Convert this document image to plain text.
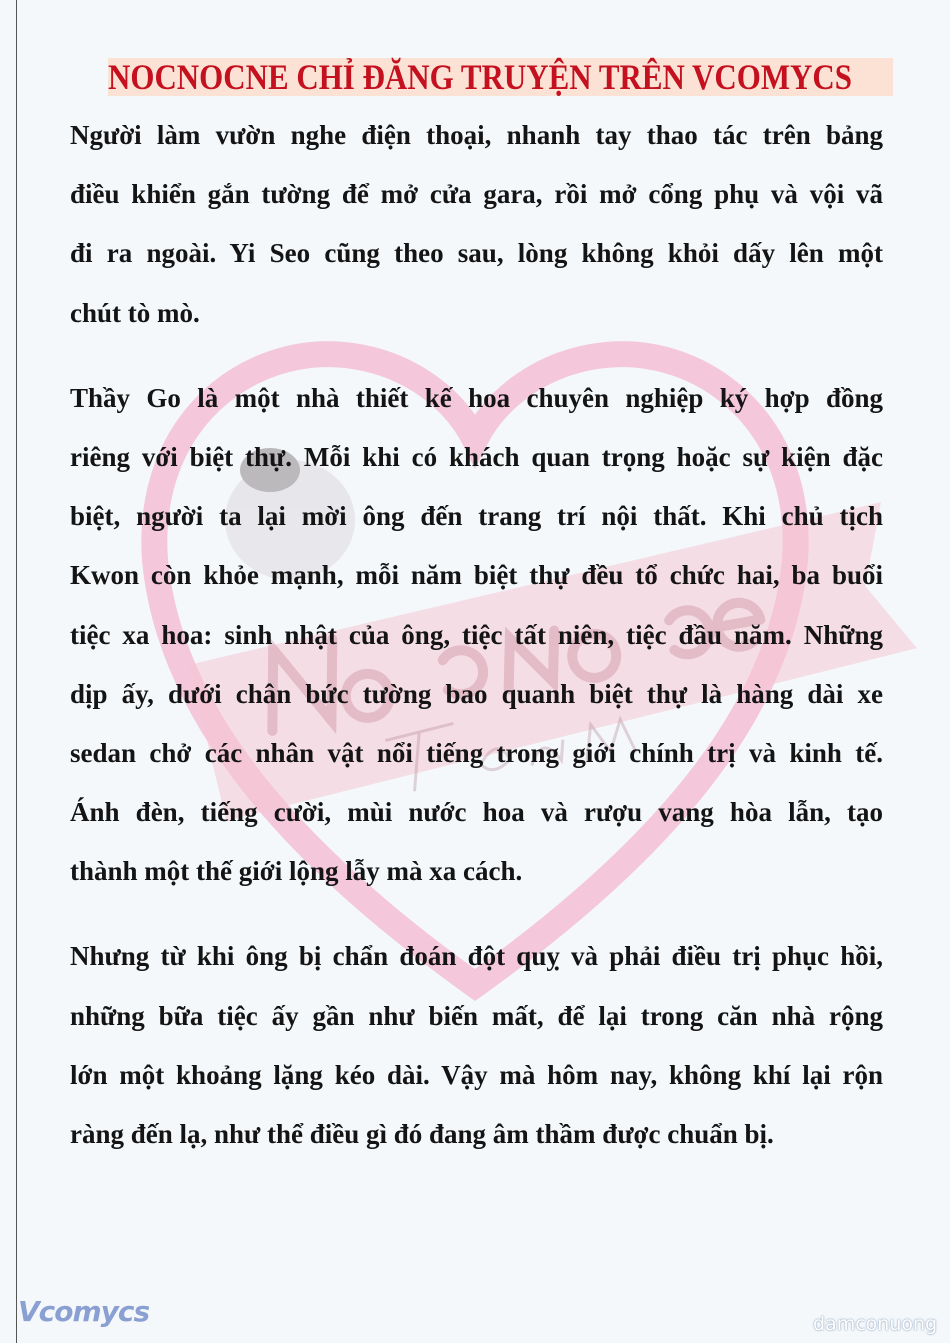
NOCNOCNE CHỈ ĐĂNG TRUYỆN TRÊN VCOMYCS
Người làm vườn nghe điện thoại, nhanh tay thao tác trên bảng
điều khiển gắn tường để mở cửa gara, rồi mở cổng phụ và vội vã
đi ra ngoài. Yi Seo cũng theo sau, lòng không khỏi dấy lên một
chút tò mò.
Thầy Go là một nhà thiết kế hoa chuyên nghiệp ký hợp đồng
riêng với biệt thự. Mỗi khi có khách quan trọng hoặc sự kiện đặc
biệt, người ta lại mời ông đến trang trí nội thất. Khi chủ tịch
Kwon còn khỏe mạnh, mỗi năm biệt thự đều tổ chức hai, ba buổi
tiệc xa hoa: sinh nhật của ông, tiệc tất niên, tiệc đầu năm. Những
dịp ấy, dưới chân bức tường bao quanh biệt thự là hàng dài xe
sedan chở các nhân vật nổi tiếng trong giới chính trị và kinh tế.
Ánh đèn, tiếng cười, mùi nước hoa và rượu vang hòa lẫn, tạo
thành một thế giới lộng lẫy mà xa cách.
Nhưng từ khi ông bị chẩn đoán đột quỵ và phải điều trị phục hồi,
những bữa tiệc ấy gần như biến mất, để lại trong căn nhà rộng
lớn một khoảng lặng kéo dài. Vậy mà hôm nay, không khí lại rộn
ràng đến lạ, như thể điều gì đó đang âm thầm được chuẩn bị.
Vcomycs	damconuong
